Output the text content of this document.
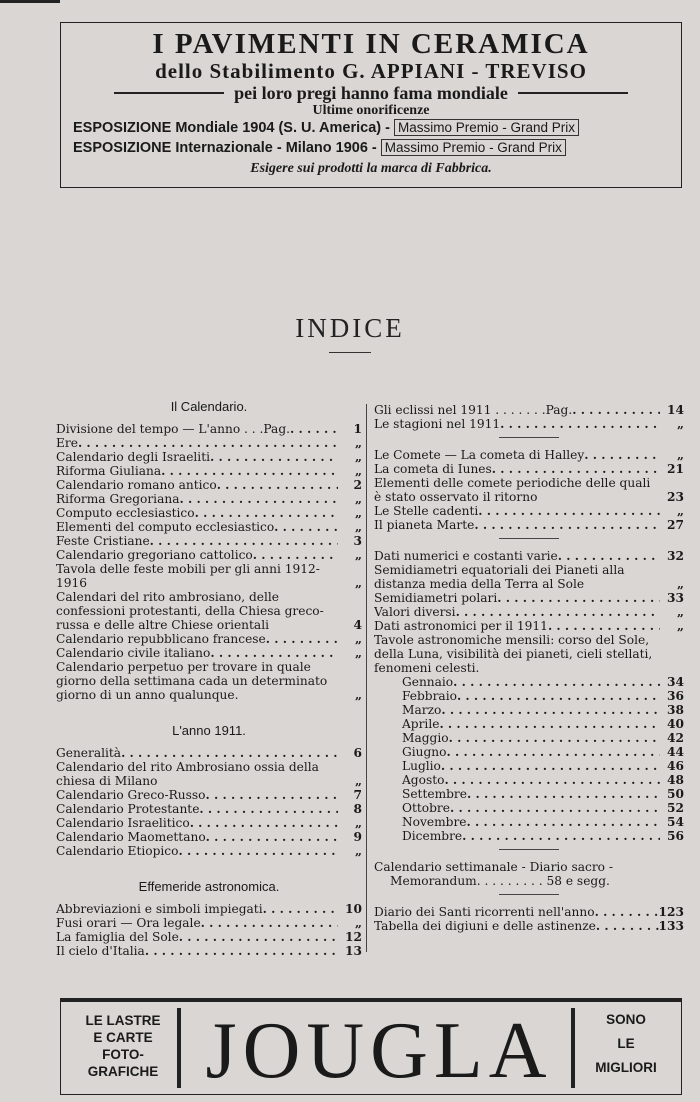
I PAVIMENTI IN CERAMICA
dello Stabilimento G. APPIANI - TREVISO
pei loro pregi hanno fama mondiale
Ultime onorificenze
ESPOSIZIONE Mondiale 1904 (S. U. America) - Massimo Premio - Grand Prix
ESPOSIZIONE Internazionale - Milano 1906 - Massimo Premio - Grand Prix
Esigere sui prodotti la marca di Fabbrica.
INDICE
Il Calendario.
Divisione del tempo — L'anno . . .Pag. . . .	1
Ere . . .	„
Calendario degli Israeliti . . .	„
Riforma Giuliana . . .	„
Calendario romano antico . . .	2
Riforma Gregoriana . . .	„
Computo ecclesiastico . . .	„
Elementi del computo ecclesiastico . . .	„
Feste Cristiane . . .	3
Calendario gregoriano cattolico . . .	„
Tavola delle feste mobili per gli anni 1912-1916	„
Calendari del rito ambrosiano, delle confessioni protestanti, della Chiesa greco-russa e delle altre Chiese orientali	4
Calendario repubblicano francese . . .	„
Calendario civile italiano . . .	„
Calendario perpetuo per trovare in quale giorno della settimana cada un determinato giorno di un anno qualunque.	„
L'anno 1911.
Generalità . . .	6
Calendario del rito Ambrosiano ossia della chiesa di Milano	„
Calendario Greco-Russo . . .	7
Calendario Protestante . . .	8
Calendario Israelitico . . .	„
Calendario Maomettano . . .	9
Calendario Etiopico . . .	„
Effemeride astronomica.
Abbreviazioni e simboli impiegati . . .	10
Fusi orari — Ora legale . . .	„
La famiglia del Sole . . .	12
Il cielo d'Italia . . .	13
Gli eclissi nel 1911 . . . . . . .Pag. . . .	14
Le stagioni nel 1911 . . .	„
Le Comete — La cometa di Halley . . .	„
La cometa di Iunes . . .	21
Elementi delle comete periodiche delle quali è stato osservato il ritorno	23
Le Stelle cadenti . . .	„
Il pianeta Marte . . .	27
Dati numerici e costanti varie . . .	32
Semidiametri equatoriali dei Pianeti alla distanza media della Terra al Sole	„
Semidiametri polari . . .	33
Valori diversi . . .	„
Dati astronomici per il 1911 . . .	„
Tavole astronomiche mensili: corso del Sole, della Luna, visibilità dei pianeti, cieli stellati, fenomeni celesti.
Gennaio . . .	34
Febbraio . . .	36
Marzo . . .	38
Aprile . . .	40
Maggio . . .	42
Giugno . . .	44
Luglio . . .	46
Agosto . . .	48
Settembre . . .	50
Ottobre . . .	52
Novembre . . .	54
Dicembre . . .	56
Calendario settimanale - Diario sacro -
Memorandum. . . . . . . . . 58 e segg.
Diario dei Santi ricorrenti nell'anno . . .	123
Tabella dei digiuni e delle astinenze . . .	133
LE LASTRE
E CARTE
FOTO-
GRAFICHE JOUGLA	SONO
LE
MIGLIORI
